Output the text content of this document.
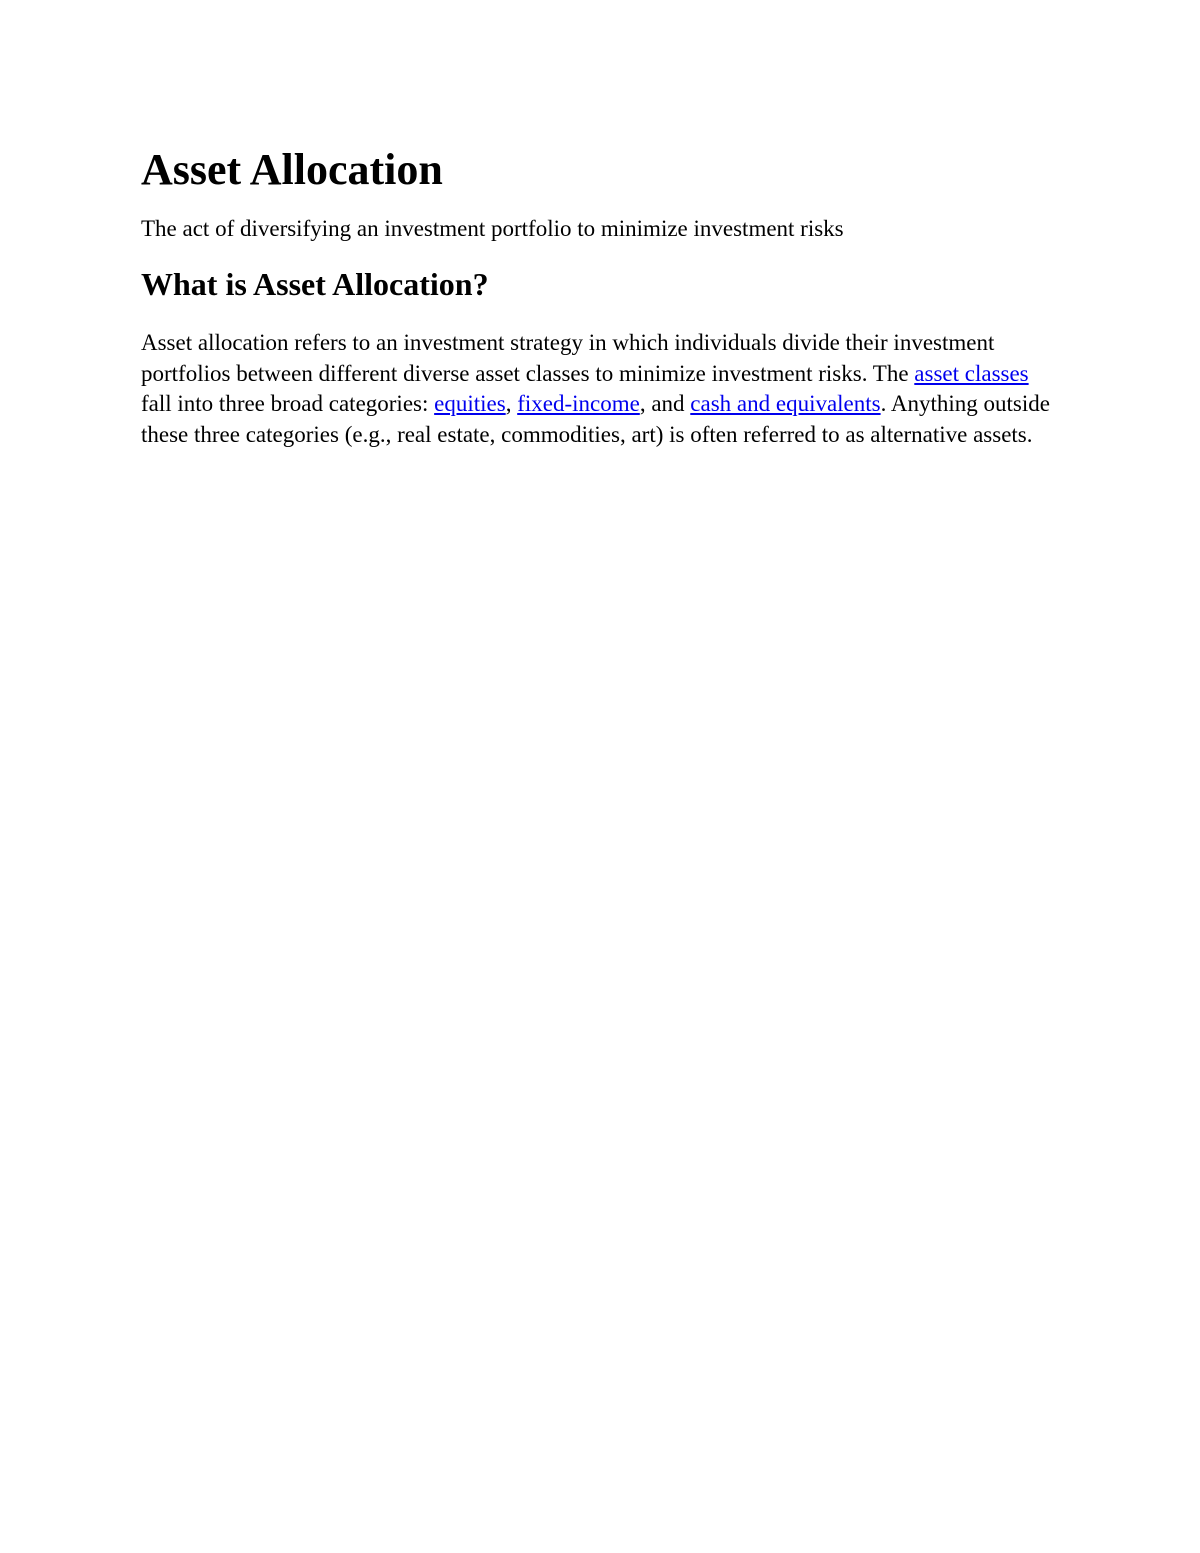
Asset Allocation

The act of diversifying an investment portfolio to minimize investment risks

What is Asset Allocation?

Asset allocation refers to an investment strategy in which individuals divide their investment portfolios between different diverse asset classes to minimize investment risks. The asset classes fall into three broad categories: equities, fixed-income, and cash and equivalents. Anything outside these three categories (e.g., real estate, commodities, art) is often referred to as alternative assets.
